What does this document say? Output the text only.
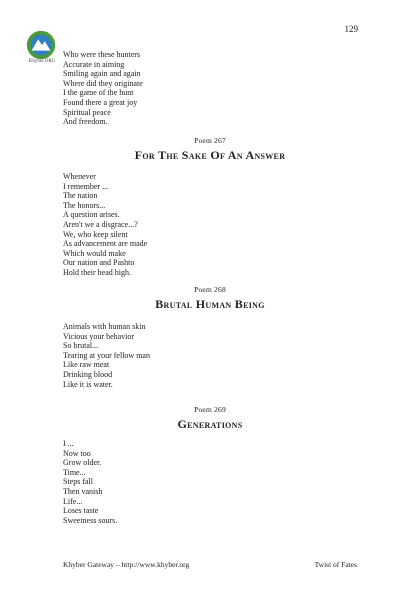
Khyber.ORG
129
Who were these hunters
Accurate in aiming
Smiling again and again
Where did they originate
I the game of the hunt
Found there a great joy
Spiritual peace
And freedom.
Poem 267
For The Sake Of An Answer
Whenever
I remember ...
The nation
The honors...
A question arises.
Aren't we a disgrace...?
We, who keep silent
As advancement are made
Which would make
Our nation and Pashto
Hold their head high.
Poem 268
Brutal Human Being
Animals with human skin
Vicious your behavior
So brutal...
Tearing at your fellow man
Like raw meat
Drinking blood
Like it is water.
Poem 269
Generations
I ...
Now too
Grow older.
Time...
Steps fall
Then vanish
Life...
Loses taste
Sweetness sours.
Khyber Gateway – http://www.khyber.org	Twist of Fates
